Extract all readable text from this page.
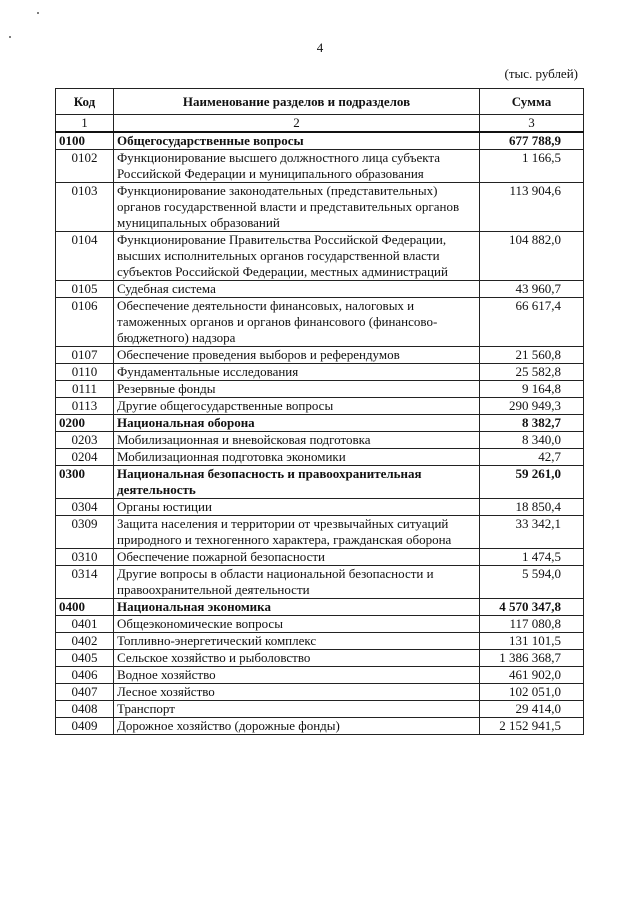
4
(тыс. рублей)
Код	Наименование разделов и подразделов	Сумма
1	2	3
0100	Общегосударственные вопросы	677 788,9
0102	Функционирование высшего должностного лица субъекта Российской Федерации и муниципального образования	1 166,5
0103	Функционирование законодательных (представительных) органов государственной власти и представительных органов муниципальных образований	113 904,6
0104	Функционирование Правительства Российской Федерации, высших исполнительных органов государственной власти субъектов Российской Федерации, местных администраций	104 882,0
0105	Судебная система	43 960,7
0106	Обеспечение деятельности финансовых, налоговых и таможенных органов и органов финансового (финансово-бюджетного) надзора	66 617,4
0107	Обеспечение проведения выборов и референдумов	21 560,8
0110	Фундаментальные исследования	25 582,8
0111	Резервные фонды	9 164,8
0113	Другие общегосударственные вопросы	290 949,3
0200	Национальная оборона	8 382,7
0203	Мобилизационная и вневойсковая подготовка	8 340,0
0204	Мобилизационная подготовка экономики	42,7
0300	Национальная безопасность и правоохранительная деятельность	59 261,0
0304	Органы юстиции	18 850,4
0309	Защита населения и территории от чрезвычайных ситуаций природного и техногенного характера, гражданская оборона	33 342,1
0310	Обеспечение пожарной безопасности	1 474,5
0314	Другие вопросы в области национальной безопасности и правоохранительной деятельности	5 594,0
0400	Национальная экономика	4 570 347,8
0401	Общеэкономические вопросы	117 080,8
0402	Топливно-энергетический комплекс	131 101,5
0405	Сельское хозяйство и рыболовство	1 386 368,7
0406	Водное хозяйство	461 902,0
0407	Лесное хозяйство	102 051,0
0408	Транспорт	29 414,0
0409	Дорожное хозяйство (дорожные фонды)	2 152 941,5
